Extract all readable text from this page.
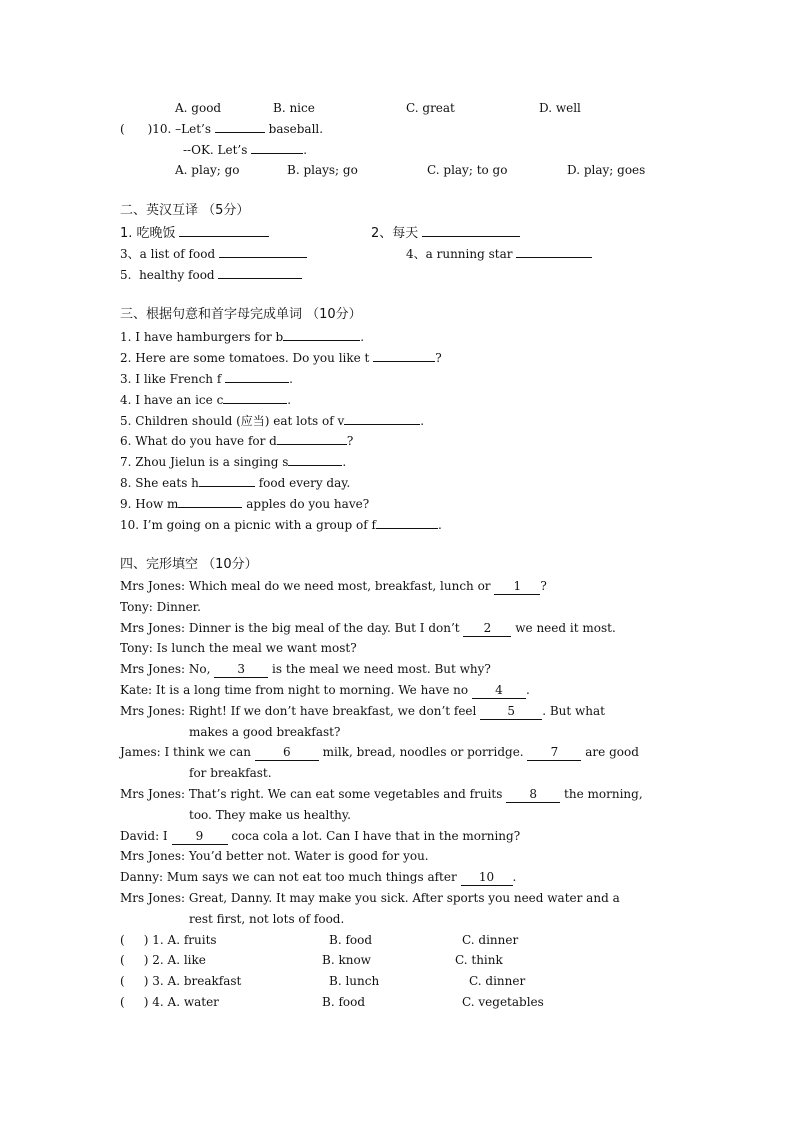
A. good	B. nice	C. great	D. well
(      )10. –Let’s	baseball.
--OK. Let’s	.
A. play; go	B. plays; go	C. play; to go	D. play; goes
二、英汉互译 （5分）
1. 吃晚饭	2、每天
3、a list of food	4、a running star
5.  healthy food
三、根据句意和首字母完成单词 （10分）
1. I have hamburgers for b	.
2. Here are some tomatoes. Do you like t	?
3. I like French f	.
4. I have an ice c	.
5. Children should (应当) eat lots of v	.
6. What do you have for d	?
7. Zhou Jielun is a singing s	.
8. She eats h	food every day.
9. How m	apples do you have?
10. I’m going on a picnic with a group of f	.
四、完形填空 （10分）
Mrs Jones: Which meal do we need most, breakfast, lunch or 1 ?
Tony: Dinner.
Mrs Jones: Dinner is the big meal of the day. But I don’t 2 we need it most.
Tony: Is lunch the meal we want most?
Mrs Jones: No, 3 is the meal we need most. But why?
Kate: It is a long time from night to morning. We have no 4 .
Mrs Jones: Right! If we don’t have breakfast, we don’t feel 5 . But what
makes a good breakfast?
James: I think we can 6 milk, bread, noodles or porridge. 7 are good
for breakfast.
Mrs Jones: That’s right. We can eat some vegetables and fruits 8 the morning,
too. They make us healthy.
David: I 9 coca cola a lot. Can I have that in the morning?
Mrs Jones: You’d better not. Water is good for you.
Danny: Mum says we can not eat too much things after 10 .
Mrs Jones: Great, Danny. It may make you sick. After sports you need water and a
rest first, not lots of food.
(     ) 1. A. fruits	B. food	C. dinner
(     ) 2. A. like	B. know	C. think
(     ) 3. A. breakfast	B. lunch	C. dinner
(     ) 4. A. water	B. food	C. vegetables
